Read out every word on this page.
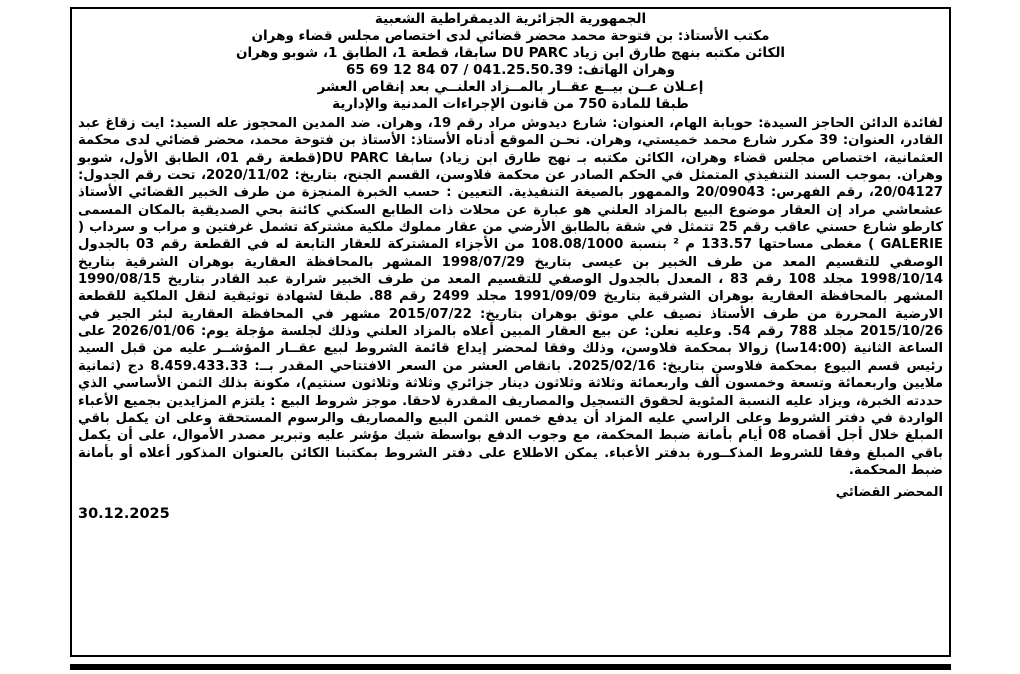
الجمهورية الجزائرية الديمقراطية الشعبية
مكتب الأستاذ: بن فتوحة محمد محضر قضائي لدى اختصاص مجلس قضاء وهران
الكائن مكتبه بنهج طارق ابن زياد DU PARC سابقا، قطعة 1، الطابق 1، شوبو وهران
وهران الهاتف: 041.25.50.39 / 07 84 12 69 65
إعـلان عــن بيــع عقــار بالمــزاد العلنــي بعد إنقاص العشر
طبقا للمادة 750 من قانون الإجراءات المدنية والإدارية

لفائدة الدائن الحاجز السيدة: حوبابة الهام، العنوان: شارع ديدوش مراد رقم 19، وهران. ضد المدين المحجوز عله السيد: ايت زقاغ عبد القادر، العنوان: 39 مكرر شارع محمد خميستي، وهران. نحـن الموقع أدناه الأستاذ: الأستاذ بن فتوحة محمد، محضر قضائي لدى محكمة العثمانية، اختصاص مجلس قضاء وهران، الكائن مكتبه بـ نهج طارق ابن زياد) سابقا DU PARC(قطعة رقم 01، الطابق الأول، شوبو وهران. بموجب السند التنفيذي المتمثل في الحكم الصادر عن محكمة فلاوسن، القسم الجنح، بتاريخ: 2020/11/02، تحت رقم الجدول: 20/04127، رقم الفهرس: 20/09043 والممهور بالصيغة التنفيذية. التعيين : حسب الخبرة المنجزة من طرف الخبير القضائي الأستاذ عشعاشي مراد إن العقار موضوع البيع بالمزاد العلني هو عبارة عن محلات ذات الطابع السكني كائنة بحي الصديقية بالمكان المسمى كارطو شارع حسني عاقب رقم 25 تتمثل في شقة بالطابق الأرضي من عقار مملوك ملكية مشتركة تشمل غرفتين و مراب و سرداب ( GALERIE ) مغطى مساحتها 133.57 م ² بنسبة 108.08/1000 من الأجزاء المشتركة للعقار التابعة له في القطعة رقم 03 بالجدول الوصفي للتقسيم المعد من طرف الخبير بن عيسى بتاريخ 1998/07/29 المشهر بالمحافظة العقارية بوهران الشرقية بتاريخ 1998/10/14 مجلد 108 رقم 83 ، المعدل بالجدول الوصفي للتقسيم المعد من طرف الخبير شرارة عبد القادر بتاريخ 1990/08/15 المشهر بالمحافظة العقارية بوهران الشرقية بتاريخ 1991/09/09 مجلد 2499 رقم 88. طبقا لشهادة توثيقية لنقل الملكية للقطعة الارضية المحررة من طرف الأستاذ نصيف علي موثق بوهران بتاريخ: 2015/07/22 مشهر في المحافظة العقارية لبئر الجير في 2015/10/26 مجلد 788 رقم 54. وعليه نعلن: عن بيع العقار المبين أعلاه بالمزاد العلني وذلك لجلسة مؤجلة يوم: 2026/01/06 على الساعة الثانية (14:00سا) زوالا بمحكمة فلاوسن، وذلك وفقا لمحضر إيداع قائمة الشروط لبيع عقــار المؤشــر عليه من قبل السيد رئيس قسم البيوع بمحكمة فلاوسن بتاريخ: 2025/02/16. بانقاص العشر من السعر الافتتاحي المقدر بــ: 8.459.433.33 دج (ثمانية ملايين واربعمائة وتسعة وخمسون ألف واربعمائة وثلاثة وثلاثون دينار جزائري وثلاثة وثلاثون سنتيم)، مكونة بذلك الثمن الأساسي الذي حددته الخبرة، ويزاد عليه النسبة المئوية لحقوق التسجيل والمصاريف المقدرة لاحقا. موجز شروط البيع : يلتزم المزايدين بجميع الأعباء الواردة في دفتر الشروط وعلى الراسي عليه المزاد أن يدفع خمس الثمن البيع والمصاريف والرسوم المستحقة وعلى ان يكمل باقي المبلغ خلال أجل أقصاه 08 أيام بأمانة ضبط المحكمة، مع وجوب الدفع بواسطة شيك مؤشر عليه وتبرير مصدر الأموال، على أن يكمل باقي المبلغ وفقا للشروط المذكــورة بدفتر الأعباء. يمكن الاطلاع على دفتر الشروط بمكتبنا الكائن بالعنوان المذكور أعلاه أو بأمانة ضبط المحكمة.

المحضر القضائي
30.12.2025
